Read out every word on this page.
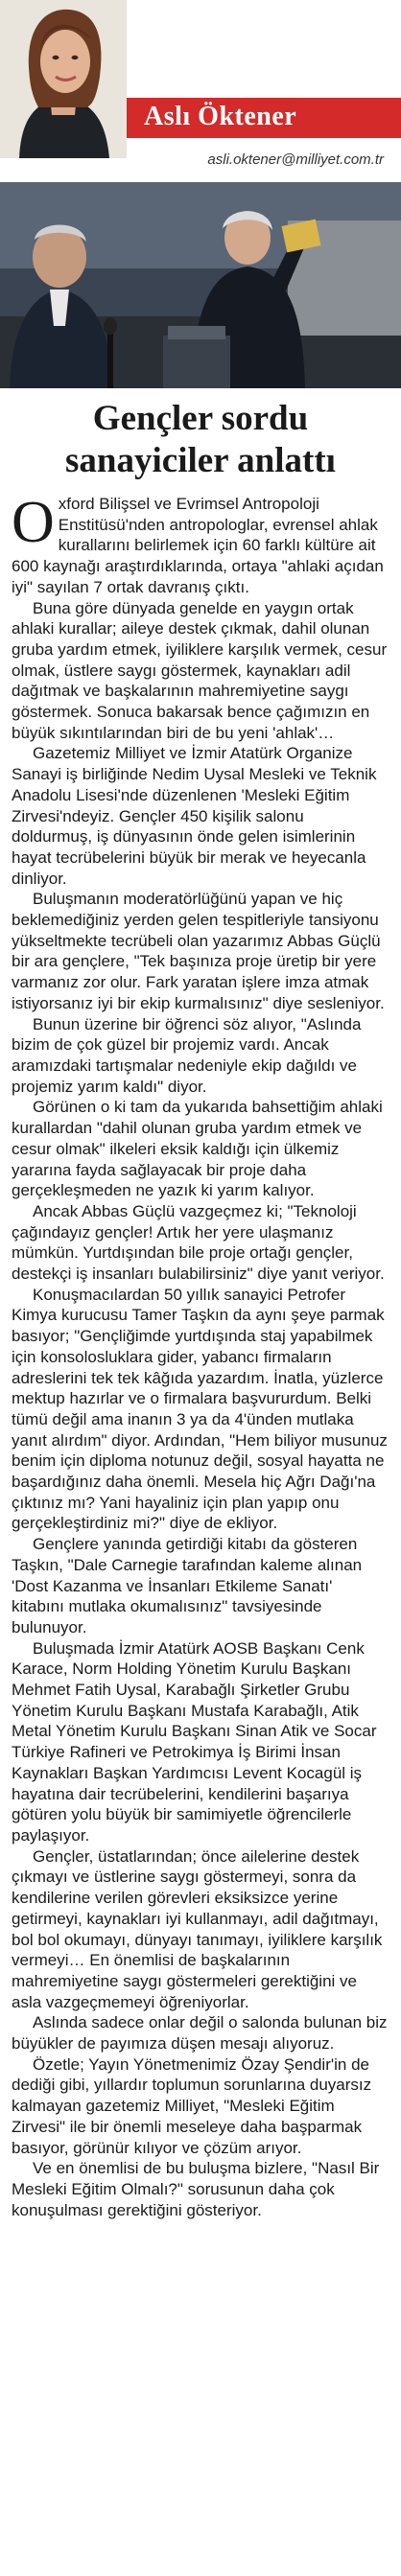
Aslı Öktener
asli.oktener@milliyet.com.tr
Gençler sordu
sanayiciler anlattı

Oxford Bilişsel ve Evrimsel Antropoloji Enstitüsü'nden antropologlar, evrensel ahlak kurallarını belirlemek için 60 farklı kültüre ait 600 kaynağı araştırdıklarında, ortaya "ahlaki açıdan iyi" sayılan 7 ortak davranış çıktı.

Buna göre dünyada genelde en yaygın ortak ahlaki kurallar; aileye destek çıkmak, dahil olunan gruba yardım etmek, iyiliklere karşılık vermek, cesur olmak, üstlere saygı göstermek, kaynakları adil dağıtmak ve başkalarının mahremiyetine saygı göstermek. Sonuca bakarsak bence çağımızın en büyük sıkıntılarından biri de bu yeni 'ahlak'…

Gazetemiz Milliyet ve İzmir Atatürk Organize Sanayi iş birliğinde Nedim Uysal Mesleki ve Teknik Anadolu Lisesi'nde düzenlenen 'Mesleki Eğitim Zirvesi'ndeyiz. Gençler 450 kişilik salonu doldurmuş, iş dünyasının önde gelen isimlerinin hayat tecrübelerini büyük bir merak ve heyecanla dinliyor.

Buluşmanın moderatörlüğünü yapan ve hiç beklemediğiniz yerden gelen tespitleriyle tansiyonu yükseltmekte tecrübeli olan yazarımız Abbas Güçlü bir ara gençlere, "Tek başınıza proje üretip bir yere varmanız zor olur. Fark yaratan işlere imza atmak istiyorsanız iyi bir ekip kurmalısınız" diye sesleniyor.

Bunun üzerine bir öğrenci söz alıyor, "Aslında bizim de çok güzel bir projemiz vardı. Ancak aramızdaki tartışmalar nedeniyle ekip dağıldı ve projemiz yarım kaldı" diyor.

Görünen o ki tam da yukarıda bahsettiğim ahlaki kurallardan "dahil olunan gruba yardım etmek ve cesur olmak" ilkeleri eksik kaldığı için ülkemiz yararına fayda sağlayacak bir proje daha gerçekleşmeden ne yazık ki yarım kalıyor.

Ancak Abbas Güçlü vazgeçmez ki; "Teknoloji çağındayız gençler! Artık her yere ulaşmanız mümkün. Yurtdışından bile proje ortağı gençler, destekçi iş insanları bulabilirsiniz" diye yanıt veriyor.

Konuşmacılardan 50 yıllık sanayici Petrofer Kimya kurucusu Tamer Taşkın da aynı şeye parmak basıyor; "Gençliğimde yurtdışında staj yapabilmek için konsolosluklara gider, yabancı firmaların adreslerini tek tek kâğıda yazardım. İnatla, yüzlerce mektup hazırlar ve o firmalara başvururdum. Belki tümü değil ama inanın 3 ya da 4'ünden mutlaka yanıt alırdım" diyor. Ardından, "Hem biliyor musunuz benim için diploma notunuz değil, sosyal hayatta ne başardığınız daha önemli. Mesela hiç Ağrı Dağı'na çıktınız mı? Yani hayaliniz için plan yapıp onu gerçekleştirdiniz mi?" diye de ekliyor.

Gençlere yanında getirdiği kitabı da gösteren Taşkın, "Dale Carnegie tarafından kaleme alınan 'Dost Kazanma ve İnsanları Etkileme Sanatı' kitabını mutlaka okumalısınız" tavsiyesinde bulunuyor.

Buluşmada İzmir Atatürk AOSB Başkanı Cenk Karace, Norm Holding Yönetim Kurulu Başkanı Mehmet Fatih Uysal, Karabağlı Şirketler Grubu Yönetim Kurulu Başkanı Mustafa Karabağlı, Atik Metal Yönetim Kurulu Başkanı Sinan Atik ve Socar Türkiye Rafineri ve Petrokimya İş Birimi İnsan Kaynakları Başkan Yardımcısı Levent Kocagül iş hayatına dair tecrübelerini, kendilerini başarıya götüren yolu büyük bir samimiyetle öğrencilerle paylaşıyor.

Gençler, üstatlarından; önce ailelerine destek çıkmayı ve üstlerine saygı göstermeyi, sonra da kendilerine verilen görevleri eksiksizce yerine getirmeyi, kaynakları iyi kullanmayı, adil dağıtmayı, bol bol okumayı, dünyayı tanımayı, iyiliklere karşılık vermeyi… En önemlisi de başkalarının mahremiyetine saygı göstermeleri gerektiğini ve asla vazgeçmemeyi öğreniyorlar.

Aslında sadece onlar değil o salonda bulunan biz büyükler de payımıza düşen mesajı alıyoruz.

Özetle; Yayın Yönetmenimiz Özay Şendir'in de dediği gibi, yıllardır toplumun sorunlarına duyarsız kalmayan gazetemiz Milliyet, "Mesleki Eğitim Zirvesi" ile bir önemli meseleye daha başparmak basıyor, görünür kılıyor ve çözüm arıyor.

Ve en önemlisi de bu buluşma bizlere, "Nasıl Bir Mesleki Eğitim Olmalı?" sorusunun daha çok konuşulması gerektiğini gösteriyor.
